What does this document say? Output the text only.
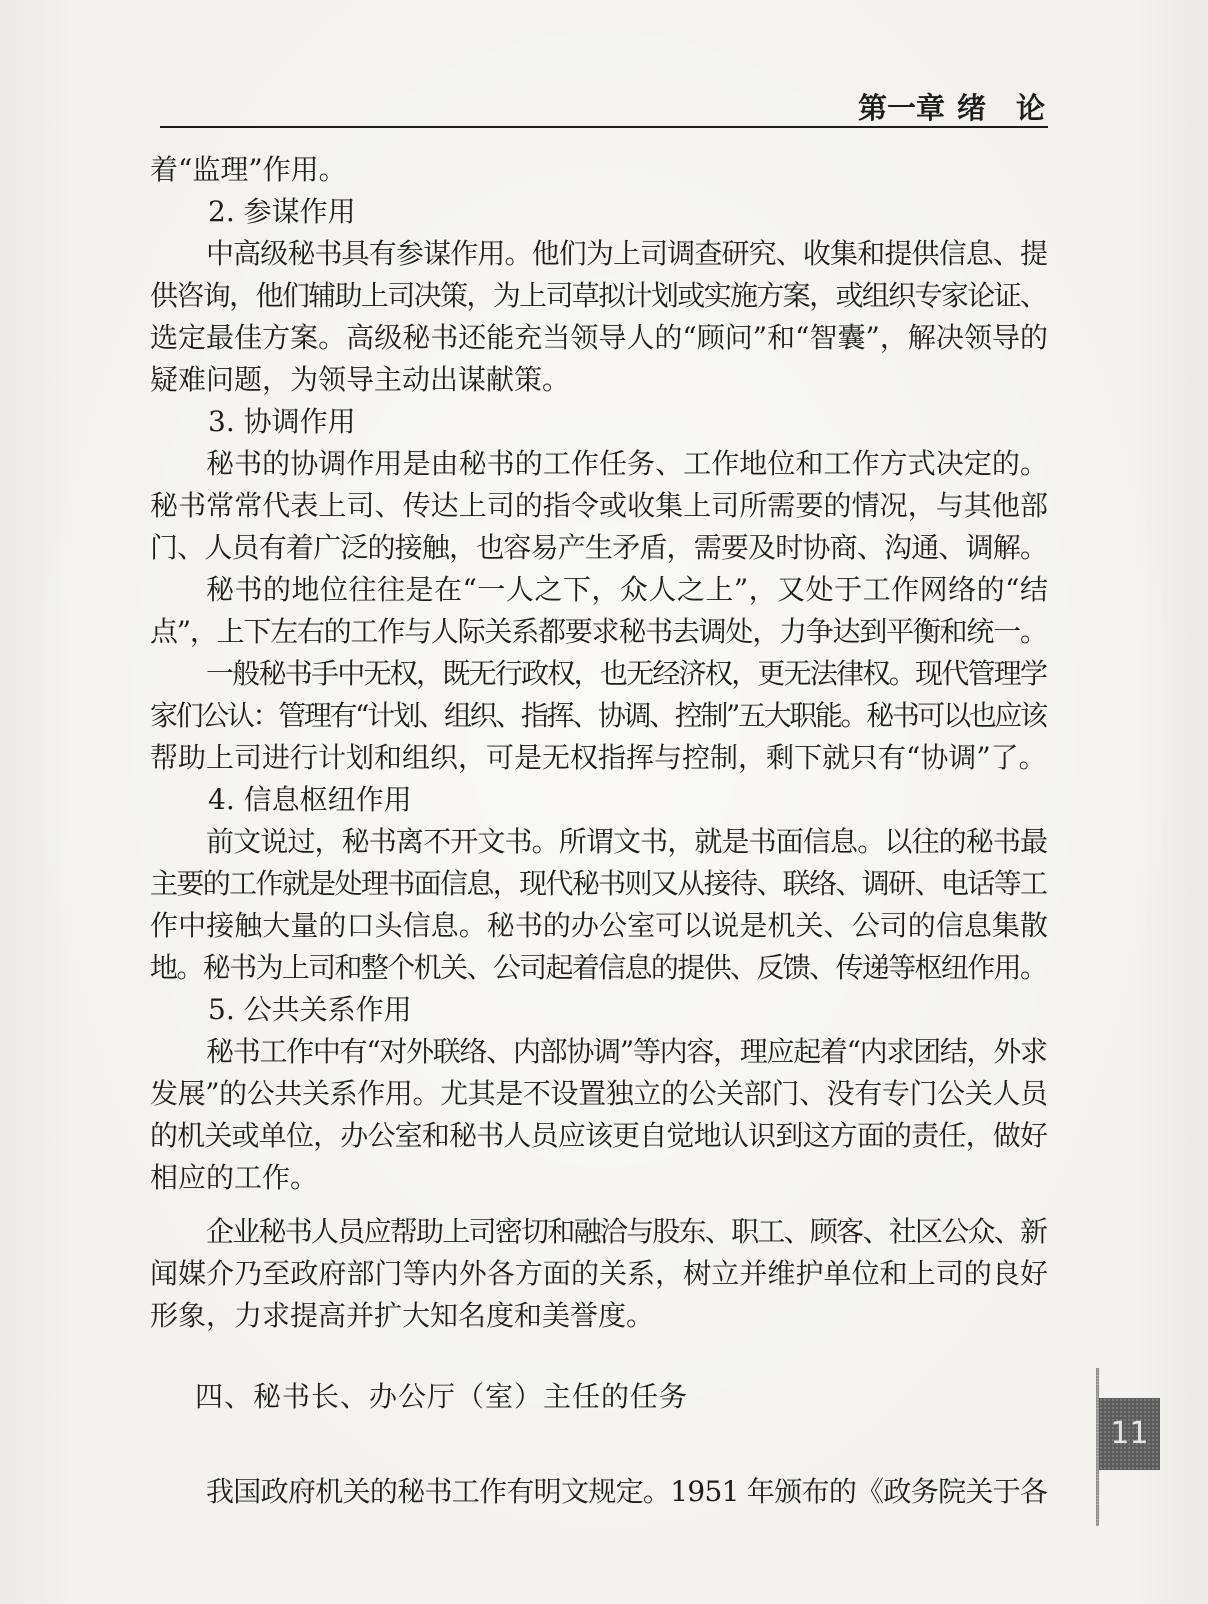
第一章 绪 论
着“监理”作用。
2. 参谋作用
中高级秘书具有参谋作用。他们为上司调查研究、收集和提供信息、提
供咨询，他们辅助上司决策，为上司草拟计划或实施方案，或组织专家论证、
选定最佳方案。高级秘书还能充当领导人的“顾问”和“智囊”，解决领导的
疑难问题，为领导主动出谋献策。
3. 协调作用
秘书的协调作用是由秘书的工作任务、工作地位和工作方式决定的。
秘书常常代表上司、传达上司的指令或收集上司所需要的情况，与其他部
门、人员有着广泛的接触，也容易产生矛盾，需要及时协商、沟通、调解。
秘书的地位往往是在“一人之下，众人之上”，又处于工作网络的“结
点”，上下左右的工作与人际关系都要求秘书去调处，力争达到平衡和统一。
一般秘书手中无权，既无行政权，也无经济权，更无法律权。现代管理学
家们公认：管理有“计划、组织、指挥、协调、控制”五大职能。秘书可以也应该
帮助上司进行计划和组织，可是无权指挥与控制，剩下就只有“协调”了。
4. 信息枢纽作用
前文说过，秘书离不开文书。所谓文书，就是书面信息。以往的秘书最
主要的工作就是处理书面信息，现代秘书则又从接待、联络、调研、电话等工
作中接触大量的口头信息。秘书的办公室可以说是机关、公司的信息集散
地。秘书为上司和整个机关、公司起着信息的提供、反馈、传递等枢纽作用。
5. 公共关系作用
秘书工作中有“对外联络、内部协调”等内容，理应起着“内求团结，外求
发展”的公共关系作用。尤其是不设置独立的公关部门、没有专门公关人员
的机关或单位，办公室和秘书人员应该更自觉地认识到这方面的责任，做好
相应的工作。
企业秘书人员应帮助上司密切和融洽与股东、职工、顾客、社区公众、新
闻媒介乃至政府部门等内外各方面的关系，树立并维护单位和上司的良好
形象，力求提高并扩大知名度和美誉度。
四、秘书长、办公厅（室）主任的任务
我国政府机关的秘书工作有明文规定。1951 年颁布的《政务院关于各
11
